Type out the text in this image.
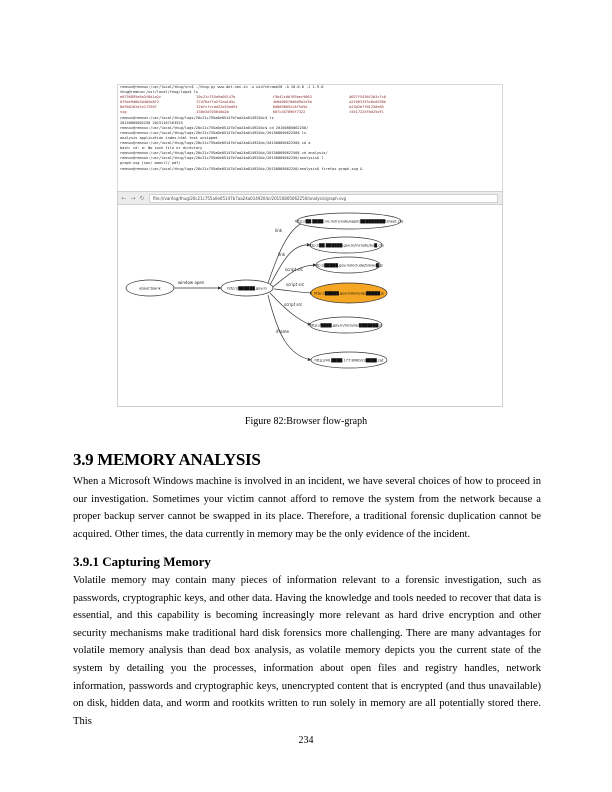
remnux@remnux:/usr/local/thug/src$ ./thug.py www.dot.nov.in -u win7chrome20 -A 10.0.0 -J 1.9.0
thug@remnux:/usr/local/thug/logs$ ls
e0756895e6a3f8d1a2c	20c21c755a9a05147b	f5b42c0b769bec9063	0027f5436f2b3c7c0
0f5ee9d6b5d4b5e8f2	27d76a7fa2f2aa1d5c	4e6d005f0d0d9a2e3b	a2f063f53c8c0536e
8e956262d1e172567	32bfcfccdd22e53ed94	0d8098052c8f5d5e	b23d2b7f01250e05
svg	430e3d705640b2b	007c457096f7322	c5517225f0d25df1
remnux@remnux:/usr/local/thug/logs/20c21c755a0e05147b7aa24a0149204c$ ls
20150805062250 20151107163525
remnux@remnux:/usr/local/thug/logs/20c21c755a0e05147b7aa24a0149204c$ cd 20150805062250/
remnux@remnux:/usr/local/thug/logs/20c21c755a0e05147b7aa24a0149204c/20150805062250$ ls
analysis application index.html text unzipped
remnux@remnux:/usr/local/thug/logs/20c21c755a0e05147b7aa24a0149204c/20150805062250$ cd a
bash: cd: a: No such file or directory
remnux@remnux:/usr/local/thug/logs/20c21c755a0e05147b7aa24a0149204c/20150805062250$ cd analysis/
remnux@remnux:/usr/local/thug/logs/20c21c755a0e05147b7aa24a0149204c/20150805062250/analysis$ l
graph.svg json/ maecll/ pdf/
remnux@remnux:/usr/local/thug/logs/20c21c755a0e05147b7aa24a0149204c/20150805062250/analysis$ firefox graph.svg &
← → ↻	file:///var/log/thug/20c21c755a0e05147b7aa24a0149204c/20150805062250/analysis/graph.svg
window open
link
link
script src
script src
script src
iframe
about:blank	http://██████.gov.in
http://██.████.nic.in/include/applic█████████tsheet.css
http://██.██████.gov.in/include/bu█.css
http://█████.gov.in/include/brows█.js
http://█████.gov.in/include/█████.js
http://████.gov.in/include/███████.js
http://49.████.177:8080/cs████.cat
Figure 82:Browser flow-graph
3.9 MEMORY ANALYSIS

When a Microsoft Windows machine is involved in an incident, we have several choices of how to proceed in our investigation. Sometimes your victim cannot afford to remove the system from the network because a proper backup server cannot be swapped in its place. Therefore, a traditional forensic duplication cannot be acquired. Other times, the data currently in memory may be the only evidence of the incident.

3.9.1 Capturing Memory

Volatile memory may contain many pieces of information relevant to a forensic investigation, such as passwords, cryptographic keys, and other data. Having the knowledge and tools needed to recover that data is essential, and this capability is becoming increasingly more relevant as hard drive encryption and other security mechanisms make traditional hard disk forensics more challenging. There are many advantages for volatile memory analysis than dead box analysis, as volatile memory depicts you the current state of the system by detailing you the processes, information about open files and registry handles, network information, passwords and cryptographic keys, unencrypted content that is encrypted (and thus unavailable) on disk, hidden data, and worm and rootkits written to run solely in memory are all potentially stored there. This

234
